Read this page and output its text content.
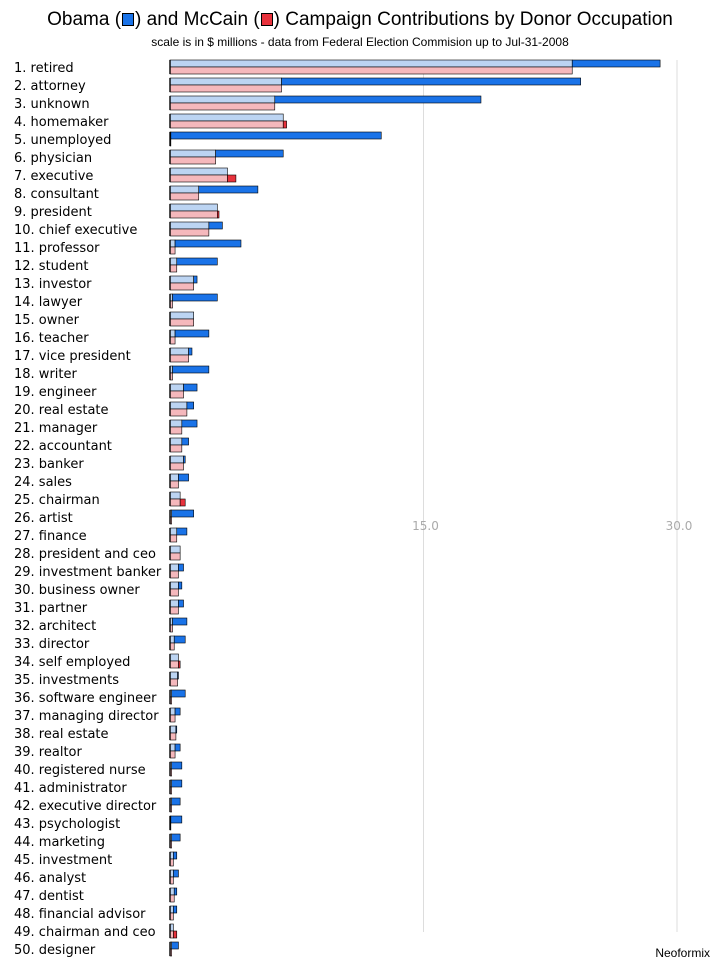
Obama ( ) and McCain ( ) Campaign Contributions by Donor Occupation
scale is in $ millions - data from Federal Election Commision up to Jul-31-2008
15.0	30.0
1. retired
2. attorney
3. unknown
4. homemaker
5. unemployed
6. physician
7. executive
8. consultant
9. president
10. chief executive
11. professor
12. student
13. investor
14. lawyer
15. owner
16. teacher
17. vice president
18. writer
19. engineer
20. real estate
21. manager
22. accountant
23. banker
24. sales
25. chairman
26. artist
27. finance
28. president and ceo
29. investment banker
30. business owner
31. partner
32. architect
33. director
34. self employed
35. investments
36. software engineer
37. managing director
38. real estate
39. realtor
40. registered nurse
41. administrator
42. executive director
43. psychologist
44. marketing
45. investment
46. analyst
47. dentist
48. financial advisor
49. chairman and ceo
50. designer	Neoformix
